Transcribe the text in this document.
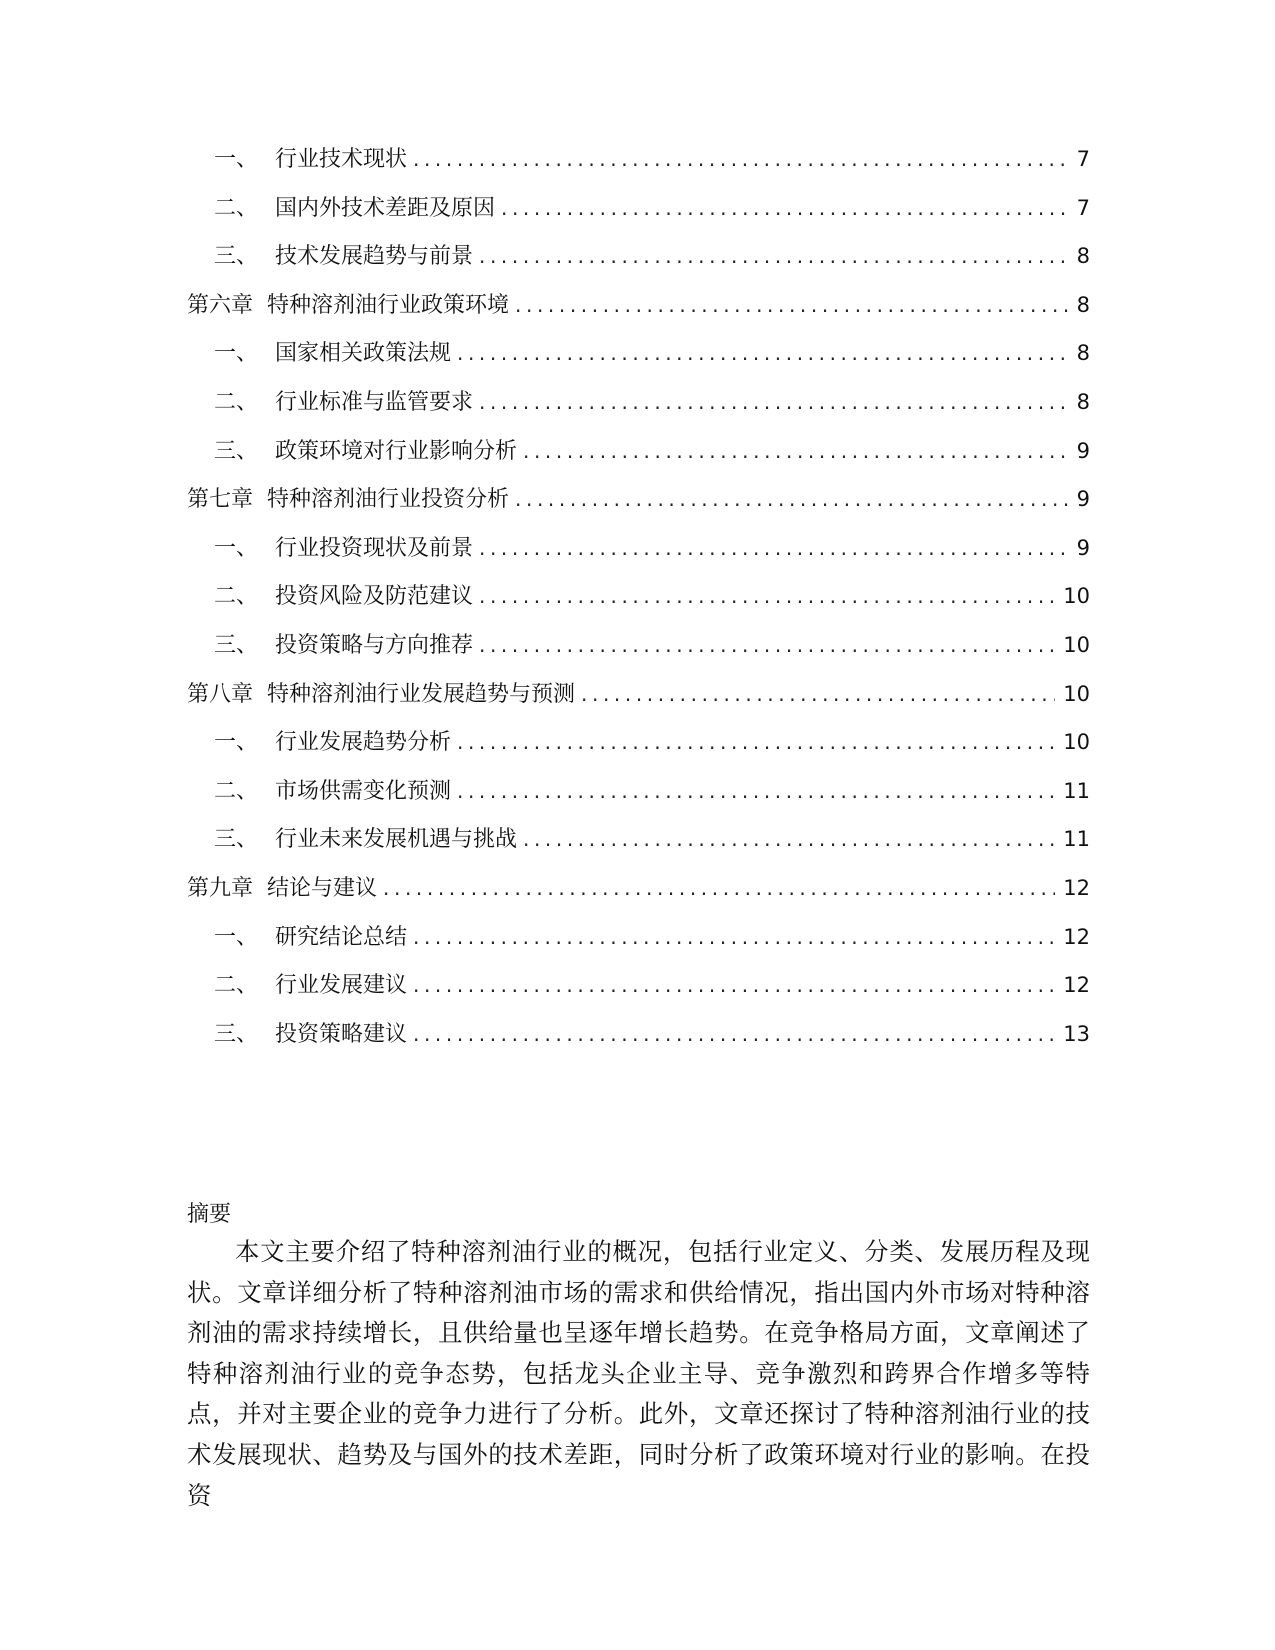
一、 行业技术现状 .....	7
二、 国内外技术差距及原因 .....	7
三、 技术发展趋势与前景 .....	8
第六章 特种溶剂油行业政策环境 .....	8
一、 国家相关政策法规 .....	8
二、 行业标准与监管要求 .....	8
三、 政策环境对行业影响分析 .....	9
第七章 特种溶剂油行业投资分析 .....	9
一、 行业投资现状及前景 .....	9
二、 投资风险及防范建议 .....	10
三、 投资策略与方向推荐 .....	10
第八章 特种溶剂油行业发展趋势与预测 .....	10
一、 行业发展趋势分析 .....	10
二、 市场供需变化预测 .....	11
三、 行业未来发展机遇与挑战 .....	11
第九章 结论与建议 .....	12
一、 研究结论总结 .....	12
二、 行业发展建议 .....	12
三、 投资策略建议 .....	13

摘要

本文主要介绍了特种溶剂油行业的概况，包括行业定义、分类、发展历程及现状。文章详细分析了特种溶剂油市场的需求和供给情况，指出国内外市场对特种溶剂油的需求持续增长，且供给量也呈逐年增长趋势。在竞争格局方面，文章阐述了特种溶剂油行业的竞争态势，包括龙头企业主导、竞争激烈和跨界合作增多等特点，并对主要企业的竞争力进行了分析。此外，文章还探讨了特种溶剂油行业的技术发展现状、趋势及与国外的技术差距，同时分析了政策环境对行业的影响。在投资
